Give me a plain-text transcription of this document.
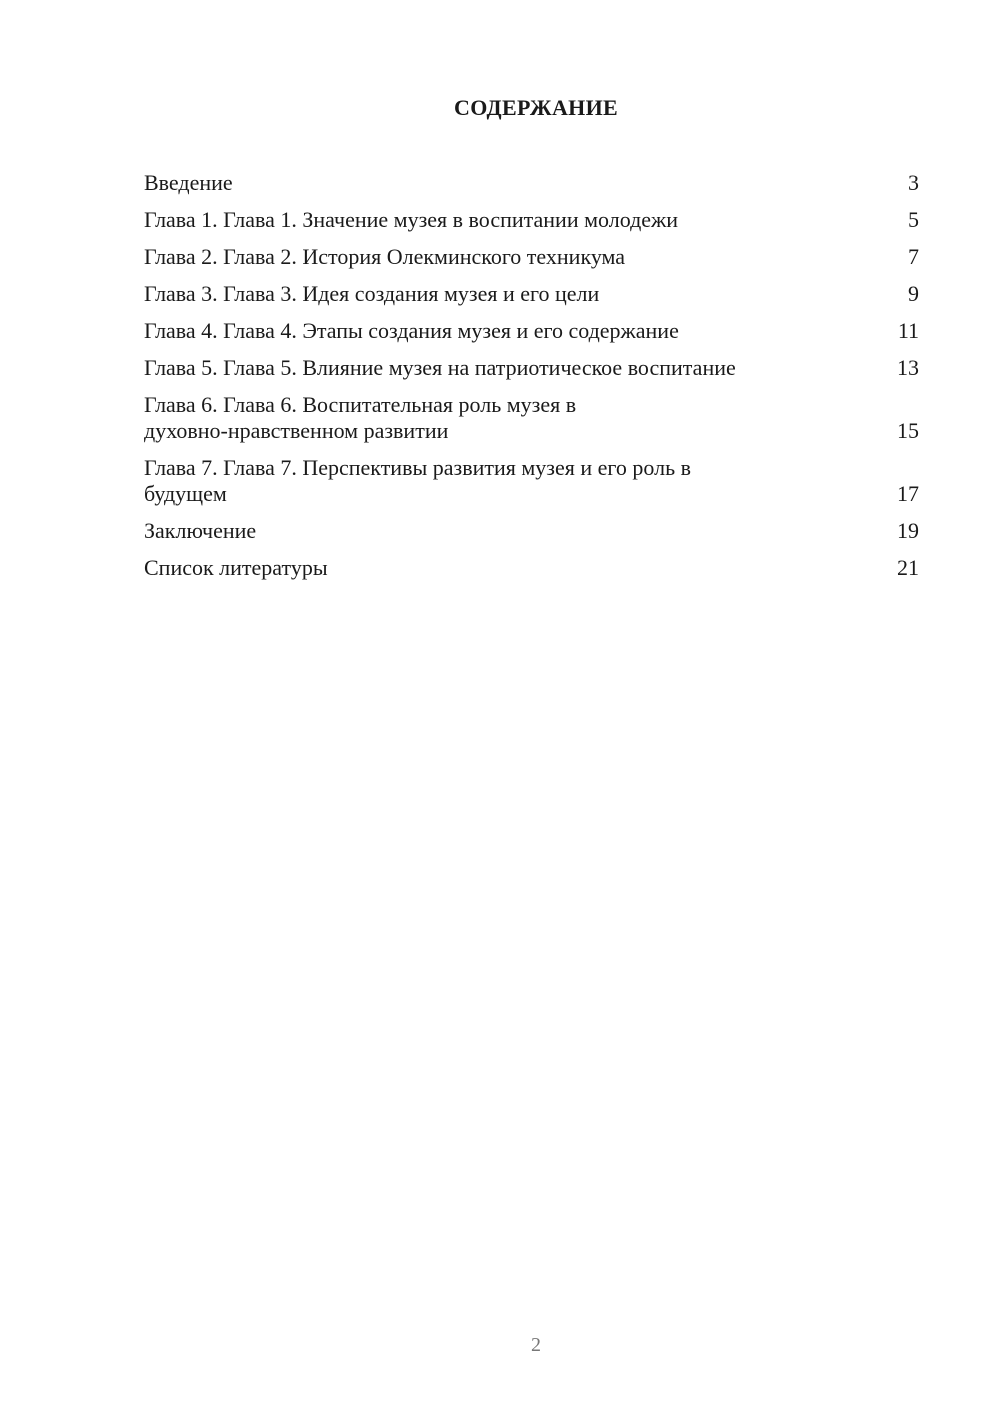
СОДЕРЖАНИЕ
Введение	3
Глава 1. Глава 1. Значение музея в воспитании молодежи	5
Глава 2. Глава 2. История Олекминского техникума	7
Глава 3. Глава 3. Идея создания музея и его цели	9
Глава 4. Глава 4. Этапы создания музея и его содержание	11
Глава 5. Глава 5. Влияние музея на патриотическое воспитание	13
Глава 6. Глава 6. Воспитательная роль музея в
духовно-нравственном развитии	15
Глава 7. Глава 7. Перспективы развития музея и его роль в
будущем	17
Заключение	19
Список литературы	21
2
